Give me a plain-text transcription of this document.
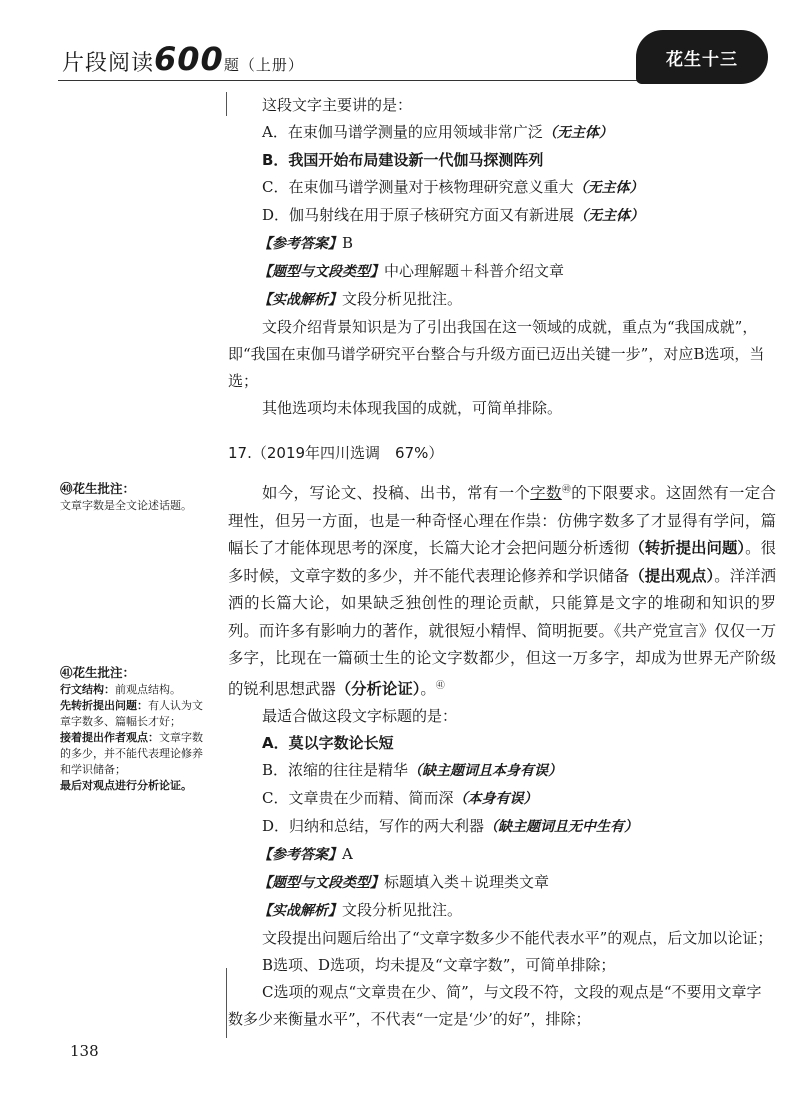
片段阅读600题（上册）	花生十三

这段文字主要讲的是：

A．在束伽马谱学测量的应用领域非常广泛（无主体）

B．我国开始布局建设新一代伽马探测阵列

C．在束伽马谱学测量对于核物理研究意义重大（无主体）

D．伽马射线在用于原子核研究方面又有新进展（无主体）

【参考答案】B

【题型与文段类型】中心理解题＋科普介绍文章

【实战解析】文段分析见批注。

文段介绍背景知识是为了引出我国在这一领域的成就，重点为“我国成就”，即“我国在束伽马谱学研究平台整合与升级方面已迈出关键一步”，对应B选项，当选；

其他选项均未体现我国的成就，可简单排除。

17.（2019年四川选调　67%）

如今，写论文、投稿、出书，常有一个字数$^㊵$的下限要求。这固然有一定合理性，但另一方面，也是一种奇怪心理在作祟：仿佛字数多了才显得有学问，篇幅长了才能体现思考的深度，长篇大论才会把问题分析透彻（转折提出问题）。很多时候，文章字数的多少，并不能代表理论修养和学识储备（提出观点）。洋洋洒洒的长篇大论，如果缺乏独创性的理论贡献，只能算是文字的堆砌和知识的罗列。而许多有影响力的著作，就很短小精悍、简明扼要。《共产党宣言》仅仅一万多字，比现在一篇硕士生的论文字数都少，但这一万多字，却成为世界无产阶级的锐利思想武器（分析论证）。$^㊶$

最适合做这段文字标题的是：

A．莫以字数论长短

B．浓缩的往往是精华（缺主题词且本身有误）

C．文章贵在少而精、简而深（本身有误）

D．归纳和总结，写作的两大利器（缺主题词且无中生有）

【参考答案】A

【题型与文段类型】标题填入类＋说理类文章

【实战解析】文段分析见批注。

文段提出问题后给出了“文章字数多少不能代表水平”的观点，后文加以论证；

B选项、D选项，均未提及“文章字数”，可简单排除；

C选项的观点“文章贵在少、简”，与文段不符，文段的观点是“不要用文章字数多少来衡量水平”，不代表“一定是‘少’的好”，排除；

㊵花生批注：
文章字数是全文论述话题。
㊶花生批注：
行文结构：前观点结构。
先转折提出问题：有人认为文章字数多、篇幅长才好；
接着提出作者观点：文章字数的多少，并不能代表理论修养和学识储备；
最后对观点进行分析论证。
138
